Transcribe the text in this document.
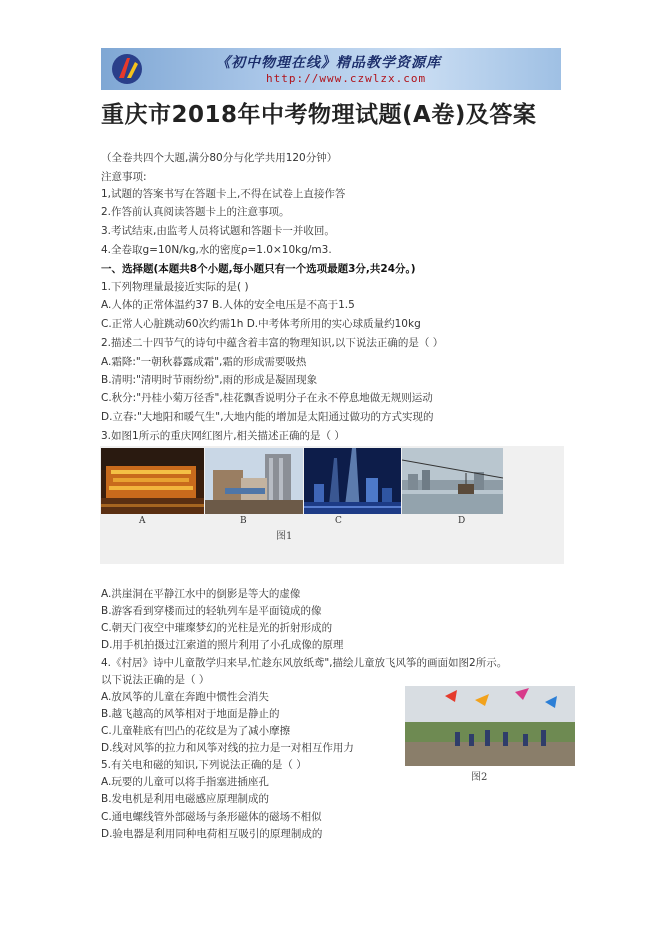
《初中物理在线》精品教学资源库
http://www.czwlzx.com
重庆市2018年中考物理试题(A卷)及答案
（全卷共四个大题,满分80分与化学共用120分钟）
注意事项:
1,试题的答案书写在答题卡上,不得在试卷上直接作答
2.作答前认真阅读答题卡上的注意事项。
3.考试结束,由监考人员将试题和答题卡一并收回。
4.全卷取g=10N/kg,水的密度ρ=1.0×10kg/m3.
一、选择题(本题共8个小题,每小题只有一个选项最题3分,共24分。)
1.下列物理量最接近实际的是( )
A.人体的正常体温约37 B.人体的安全电压是不高于1.5
C.正常人心脏跳动60次约需1h D.中考体考所用的实心球质量约10kg
2.描述二十四节气的诗句中蕴含着丰富的物理知识,以下说法正确的是（ ）
A.霜降:"一朝秋暮露成霜",霜的形成需要吸热
B.清明:"清明时节雨纷纷",雨的形成是凝固现象
C.秋分:"丹桂小菊万径香",桂花飘香说明分子在永不停息地做无规则运动
D.立春:"大地阳和暖气生",大地内能的增加是太阳通过做功的方式实现的
3.如图1所示的重庆网红图片,相关描述正确的是（ ）
A	B	C	D
图1
A.洪崖洞在平静江水中的倒影是等大的虚像
B.游客看到穿楼而过的轻轨列车是平面镜成的像
C.朝天门夜空中璀璨梦幻的光柱是光的折射形成的
D.用手机拍摄过江索道的照片利用了小孔成像的原理
4.《村居》诗中儿童散学归来早,忙趁东风放纸鸢",描绘儿童放飞风筝的画面如图2所示。
以下说法正确的是（ ）
A.放风筝的儿童在奔跑中惯性会消失
B.越飞越高的风筝相对于地面是静止的
C.儿童鞋底有凹凸的花纹是为了减小摩擦
D.线对风筝的拉力和风筝对线的拉力是一对相互作用力
图2
5.有关电和磁的知识,下列说法正确的是（ ）
A.玩要的儿童可以将手指塞进插座孔
B.发电机是利用电磁感应原理制成的
C.通电螺线管外部磁场与条形磁体的磁场不相似
D.验电器是利用同种电荷相互吸引的原理制成的
